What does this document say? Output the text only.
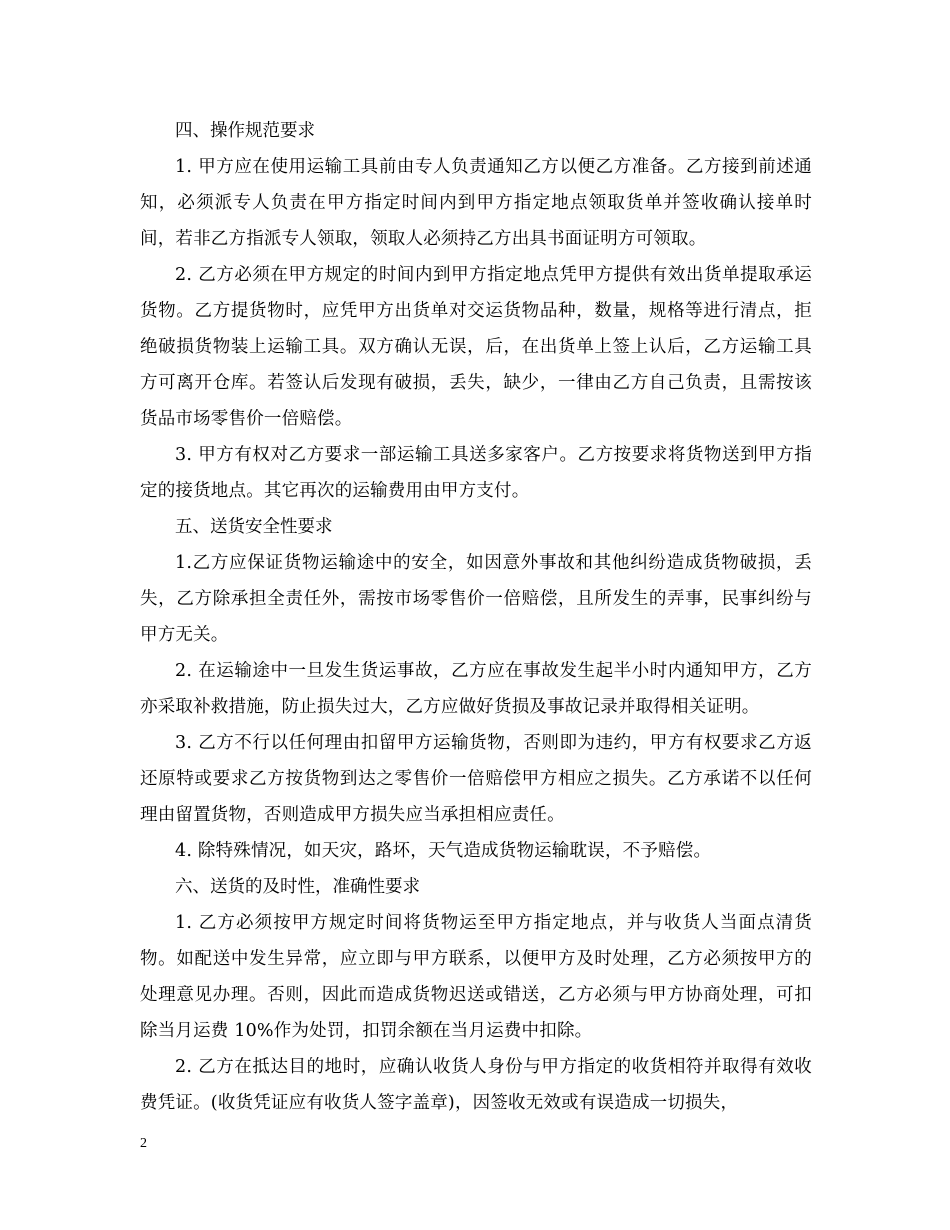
四、操作规范要求

1. 甲方应在使用运输工具前由专人负责通知乙方以便乙方准备。乙方接到前述通知，必须派专人负责在甲方指定时间内到甲方指定地点领取货单并签收确认接单时间，若非乙方指派专人领取，领取人必须持乙方出具书面证明方可领取。

2. 乙方必须在甲方规定的时间内到甲方指定地点凭甲方提供有效出货单提取承运货物。乙方提货物时，应凭甲方出货单对交运货物品种，数量，规格等进行清点，拒绝破损货物装上运输工具。双方确认无误，后，在出货单上签上认后，乙方运输工具方可离开仓库。若签认后发现有破损，丢失，缺少，一律由乙方自己负责，且需按该货品市场零售价一倍赔偿。

3. 甲方有权对乙方要求一部运输工具送多家客户。乙方按要求将货物送到甲方指定的接货地点。其它再次的运输费用由甲方支付。

五、送货安全性要求

1.乙方应保证货物运输途中的安全，如因意外事故和其他纠纷造成货物破损，丢失，乙方除承担全责任外，需按市场零售价一倍赔偿，且所发生的弄事，民事纠纷与甲方无关。

2. 在运输途中一旦发生货运事故，乙方应在事故发生起半小时内通知甲方，乙方亦采取补救措施，防止损失过大，乙方应做好货损及事故记录并取得相关证明。

3. 乙方不行以任何理由扣留甲方运输货物，否则即为违约，甲方有权要求乙方返还原特或要求乙方按货物到达之零售价一倍赔偿甲方相应之损失。乙方承诺不以任何理由留置货物，否则造成甲方损失应当承担相应责任。

4. 除特殊情况，如天灾，路坏，天气造成货物运输耽误，不予赔偿。

六、送货的及时性，准确性要求

1. 乙方必须按甲方规定时间将货物运至甲方指定地点，并与收货人当面点清货物。如配送中发生异常，应立即与甲方联系，以便甲方及时处理，乙方必须按甲方的处理意见办理。否则，因此而造成货物迟送或错送，乙方必须与甲方协商处理，可扣除当月运费 10%作为处罚，扣罚余额在当月运费中扣除。

2. 乙方在抵达目的地时，应确认收货人身份与甲方指定的收货相符并取得有效收费凭证。(收货凭证应有收货人签字盖章)，因签收无效或有误造成一切损失，

2
